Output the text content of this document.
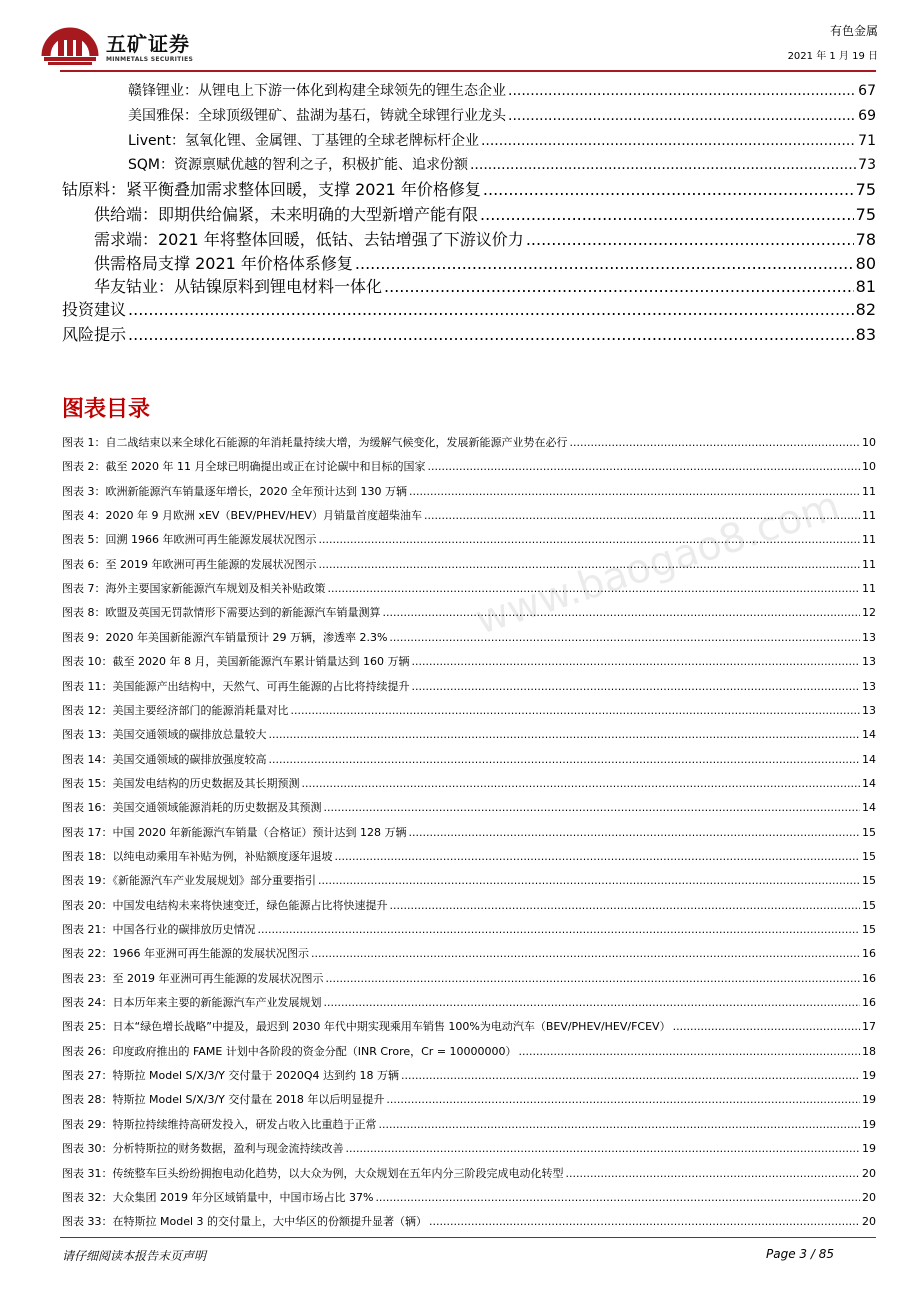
五矿证券
MINMETALS SECURITIES
有色金属
2021 年 1 月 19 日
赣锋锂业：从锂电上下游一体化到构建全球领先的锂生态企业 .....	67
美国雅保：全球顶级锂矿、盐湖为基石，铸就全球锂行业龙头 .....	69
Livent：氢氧化锂、金属锂、丁基锂的全球老牌标杆企业 .....	71
SQM：资源禀赋优越的智利之子，积极扩能、追求份额 .....	73
钴原料：紧平衡叠加需求整体回暖，支撑 2021 年价格修复 .....	75
供给端：即期供给偏紧，未来明确的大型新增产能有限 .....	75
需求端：2021 年将整体回暖，低钴、去钴增强了下游议价力 .....	78
供需格局支撑 2021 年价格体系修复 .....	80
华友钴业：从钴镍原料到锂电材料一体化 .....	81
投资建议 .....	82
风险提示 .....	83
图表目录
www.baogao8.com
图表 1：自二战结束以来全球化石能源的年消耗量持续大增，为缓解气候变化，发展新能源产业势在必行 .....	10
图表 2：截至 2020 年 11 月全球已明确提出或正在讨论碳中和目标的国家 .....	10
图表 3：欧洲新能源汽车销量逐年增长，2020 全年预计达到 130 万辆 .....	11
图表 4：2020 年 9 月欧洲 xEV（BEV/PHEV/HEV）月销量首度超柴油车 .....	11
图表 5：回溯 1966 年欧洲可再生能源发展状况图示 .....	11
图表 6：至 2019 年欧洲可再生能源的发展状况图示 .....	11
图表 7：海外主要国家新能源汽车规划及相关补贴政策 .....	11
图表 8：欧盟及英国无罚款情形下需要达到的新能源汽车销量测算 .....	12
图表 9：2020 年美国新能源汽车销量预计 29 万辆，渗透率 2.3% .....	13
图表 10：截至 2020 年 8 月，美国新能源汽车累计销量达到 160 万辆 .....	13
图表 11：美国能源产出结构中，天然气、可再生能源的占比将持续提升 .....	13
图表 12：美国主要经济部门的能源消耗量对比 .....	13
图表 13：美国交通领域的碳排放总量较大 .....	14
图表 14：美国交通领域的碳排放强度较高 .....	14
图表 15：美国发电结构的历史数据及其长期预测 .....	14
图表 16：美国交通领域能源消耗的历史数据及其预测 .....	14
图表 17：中国 2020 年新能源汽车销量（合格证）预计达到 128 万辆 .....	15
图表 18：以纯电动乘用车补贴为例，补贴额度逐年退坡 .....	15
图表 19：《新能源汽车产业发展规划》部分重要指引 .....	15
图表 20：中国发电结构未来将快速变迁，绿色能源占比将快速提升 .....	15
图表 21：中国各行业的碳排放历史情况 .....	15
图表 22：1966 年亚洲可再生能源的发展状况图示 .....	16
图表 23：至 2019 年亚洲可再生能源的发展状况图示 .....	16
图表 24：日本历年来主要的新能源汽车产业发展规划 .....	16
图表 25：日本“绿色增长战略”中提及，最迟到 2030 年代中期实现乘用车销售 100%为电动汽车（BEV/PHEV/HEV/FCEV） .....	17
图表 26：印度政府推出的 FAME 计划中各阶段的资金分配（INR Crore，Cr = 10000000） .....	18
图表 27：特斯拉 Model S/X/3/Y 交付量于 2020Q4 达到约 18 万辆 .....	19
图表 28：特斯拉 Model S/X/3/Y 交付量在 2018 年以后明显提升 .....	19
图表 29：特斯拉持续维持高研发投入，研发占收入比重趋于正常 .....	19
图表 30：分析特斯拉的财务数据，盈利与现金流持续改善 .....	19
图表 31：传统整车巨头纷纷拥抱电动化趋势，以大众为例，大众规划在五年内分三阶段完成电动化转型 .....	20
图表 32：大众集团 2019 年分区域销量中，中国市场占比 37% .....	20
图表 33：在特斯拉 Model 3 的交付量上，大中华区的份额提升显著（辆） .....	20
请仔细阅读本报告末页声明	Page 3 / 85
